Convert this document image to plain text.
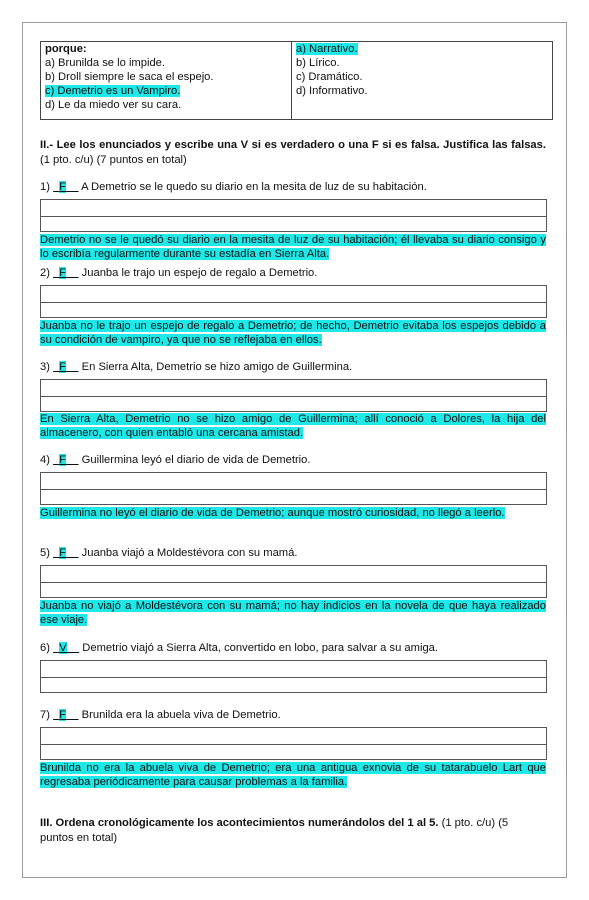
porque:
a) Brunilda se lo impide.
b) Droll siempre le saca el espejo.
c) Demetrio es un Vampiro.
d) Le da miedo ver su cara.
a) Narrativo.
b) Lírico.
c) Dramático.
d) Informativo.
II.- Lee los enunciados y escribe una V si es verdadero o una F si es falsa. Justifica las falsas. (1 pto. c/u) (7 puntos en total)
1) F A Demetrio se le quedo su diario en la mesita de luz de su habitación.
Demetrio no se le quedó su diario en la mesita de luz de su habitación; él llevaba su diario consigo y lo escribía regularmente durante su estadía en Sierra Alta.
2) F Juanba le trajo un espejo de regalo a Demetrio.
Juanba no le trajo un espejo de regalo a Demetrio; de hecho, Demetrio evitaba los espejos debido a su condición de vampiro, ya que no se reflejaba en ellos.
3) F En Sierra Alta, Demetrio se hizo amigo de Guillermina.
En Sierra Alta, Demetrio no se hizo amigo de Guillermina; allí conoció a Dolores, la hija del almacenero, con quien entabló una cercana amistad.
4) F Guillermina leyó el diario de vida de Demetrio.
Guillermina no leyó el diario de vida de Demetrio; aunque mostró curiosidad, no llegó a leerlo.
5) F Juanba viajó a Moldestévora con su mamá.
Juanba no viajó a Moldestévora con su mamá; no hay indicios en la novela de que haya realizado ese viaje.
6) V Demetrio viajó a Sierra Alta, convertido en lobo, para salvar a su amiga.
7) F Brunilda era la abuela viva de Demetrio.
Brunilda no era la abuela viva de Demetrio; era una antigua exnovia de su tatarabuelo Lart que regresaba periódicamente para causar problemas a la familia.
III. Ordena cronológicamente los acontecimientos numerándolos del 1 al 5. (1 pto. c/u) (5 puntos en total)
